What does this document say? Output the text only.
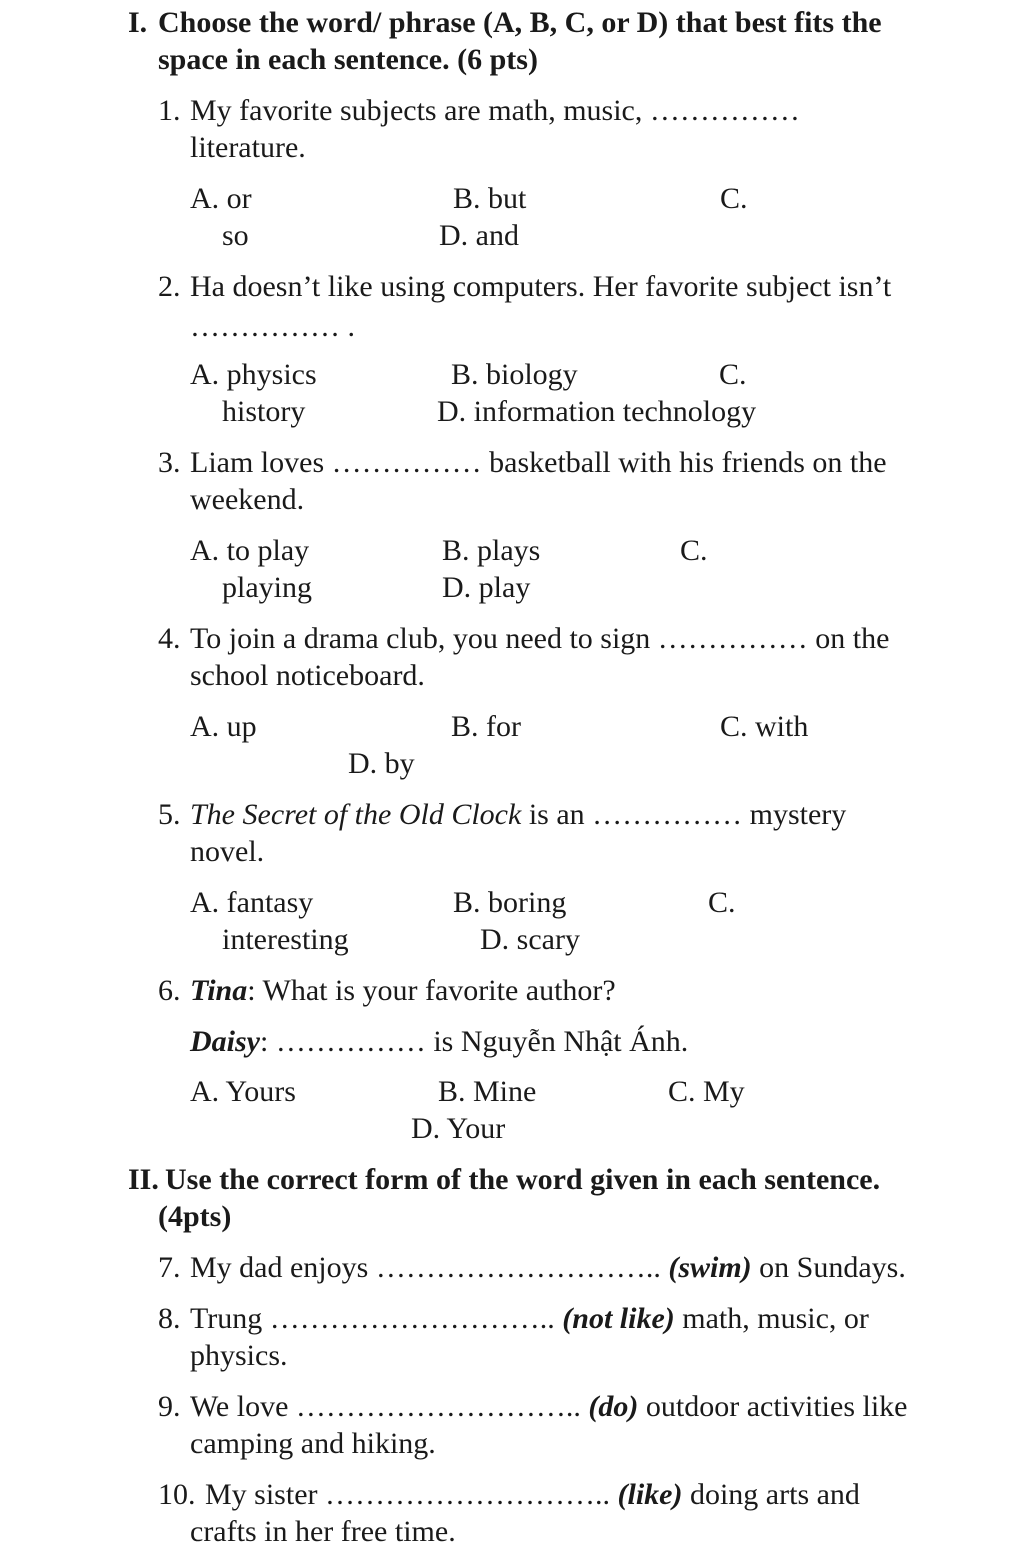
I. Choose the word/ phrase (A, B, C, or D) that best fits the
space in each sentence. (6 pts)
1. My favorite subjects are math, music, ……………
literature.
A. or	B. but	C.
so	D. and
2. Ha doesn’t like using computers. Her favorite subject isn’t
…………… .
A. physics	B. biology	C.
history	D. information technology
3. Liam loves …………… basketball with his friends on the
weekend.
A. to play	B. plays	C.
playing	D. play
4. To join a drama club, you need to sign …………… on the
school noticeboard.
A. up	B. for	C. with
D. by
5. The Secret of the Old Clock is an …………… mystery
novel.
A. fantasy	B. boring	C.
interesting	D. scary
6. Tina: What is your favorite author?
Daisy: …………… is Nguyễn Nhật Ánh.
A. Yours	B. Mine	C. My
D. Your
II. Use the correct form of the word given in each sentence.
(4pts)
7. My dad enjoys ……………………….. (swim) on Sundays.
8. Trung ……………………….. (not like) math, music, or
physics.
9. We love ……………………….. (do) outdoor activities like
camping and hiking.
10. My sister ……………………….. (like) doing arts and
crafts in her free time.
